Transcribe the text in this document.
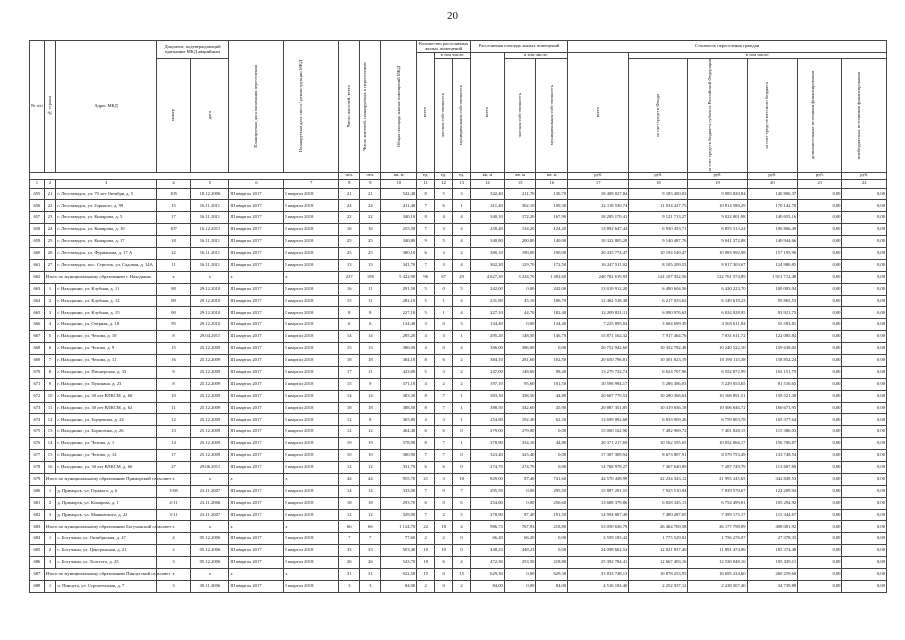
20
№ п/п	№ строки	Адрес МКД	Документ, подтверждающий признание МКД аварийным		Планируемая дата окончания переселения	Планируемая дата сноса / реконструкции МКД	Число жителей, всего	Число жителей, планируемых к переселению	Общая площадь жилых помещений МКД	Количество расселяемых жилых помещений			Расселяемая площадь жилых помещений			Стоимость переселения граждан					

										всего	в том числе:		всего	в том числе:		всего	в том числе:				

			номер	дата							частная собственность	муниципальная собственность		частная собственность	муниципальная собственность		за счет средств Фонда	за счет средств бюджета субъекта Российской Федерации	за счет средств местного бюджета	дополнительные источники финансирования	внебюджетных источников финансирования

							чел.	чел.	кв. м	ед.	ед.	ед.	кв. м	кв. м	кв. м	руб.	руб.	руб.	руб.	руб.	руб.
1	2	3	4	5	6	7	8	9	10	11	12	13	14	15	16	17	18	19	20	21	22
655	21	г. Лесозаводск, ул. 70 лет Октября, д. 5	105	18.12.2006	III квартал 2017	I квартал 2018	21	21	542,40	8	5	3	342,40	211,70	130,70	18 408 027,84	9 183 400,03	9 083 820,84	140 806,37	0,00	0,00
656	22	г. Лесозаводск, ул. Горького, д. 99	15	16.11.2011	III квартал 2017	I квартал 2018	24	24	411,40	7	6	1	411,40	302,10	109,30	22 118 530,74	11 034 427,75	10 914 580,29	170 142,70	0,00	0,00
657	23	г. Лесозаводск, ул. Комарова, д. 5	17	16.11.2011	III квартал 2017	I квартал 2018	22	22	340,10	8	4	4	340,10	172,20	167,90	18 285 170,41	9 121 713,27	9 022 801,98	140 655,16	0,00	0,00
658	24	г. Лесозаводск, ул. Комарова, д. 10	107	16.12.2011	III квартал 2017	I квартал 2018	16	16	255,50	7	3	4	258,40	134,20	124,20	13 892 647,44	6 930 453,71	6 855 313,24	106 866,49	0,00	0,00
659	25	г. Лесозаводск, ул. Комарова, д. 17	18	16.11.2011	III квартал 2017	I квартал 2018	25	25	340,80	9	5	4	340,80	200,80	140,00	18 322 805,28	9 140 487,76	9 041 372,88	140 944,66	0,00	0,00
660	26	г. Лесозаводск, ул. Фурманова, д. 17 А	22	16.11.2011	III квартал 2017	I квартал 2018	25	25	380,10	6	4	2	380,10	190,00	190,00	20 435 774,47	10 194 549,47	10 083 992,98	157 195,96	0,00	0,00
661	27	г. Лесозаводск, пос. Стрелок, ул. Садовая, д. 14А	11	16.11.2011	III квартал 2017	I квартал 2018	13	13	341,70	7	3	4	302,20	129,70	172,50	16 247 511,02	8 105 209,53	8 017 303,67	124 980,85	0,00	0,00
662	Итого по муниципальному образованию г. Находкино		x	x	x	x	237	198	5 422,90	96	67	29	4 627,30	3 234,70	1 392,60	248 782 619,93	124 107 352,56	122 761 574,89	1 913 712,48	0,00	0,00
663	1	г. Находкино, ул. Клубная, д. 11	88	29.12.2010	III квартал 2017	I квартал 2018	16	11	291,50	5	0	5	242,00	0,00	242,00	13 010 912,20	6 490 604,56	6 420 223,70	100 083,94	0,00	0,00
664	2	г. Находкино, ул. Клубная, д. 12	89	29.12.2010	III квартал 2017	I квартал 2018	15	11	282,10	5	1	4	231,80	45,10	186,70	12 462 518,38	6 217 033,62	6 149 619,23	95 865,53	0,00	0,00
665	3	г. Находкино, ул. Клубная, д. 15	90	29.12.2010	III квартал 2017	I квартал 2018	8	8	227,10	5	1	4	227,10	44,70	182,40	12 209 821,11	6 090 976,63	6 024 928,95	93 921,75	0,00	0,00
666	4	г. Находкино, ул. Озерная, д. 18	95	29.12.2010	III квартал 2017	I квартал 2018	6	6	134,40	3	0	3	134,40	0,00	134,40	7 225 895,04	3 604 699,39	3 565 611,84	55 583,81	0,00	0,00
667	5	г. Находкино, ул. Чехова, д. 10	8	29.04.2011	III квартал 2017	I квартал 2018	14	14	295,20	4	3	1	295,20	148,50	146,70	15 871 162,32	7 917 464,76	7 831 611,72	122 085,84	0,00	0,00
668	6	г. Находкино, ул. Чехова, д. 9	15	25.12.2009	III квартал 2017	I квартал 2018	15	13	386,00	4	0	4	386,00	386,00	0,00	20 752 942,60	10 352 782,48	10 240 522,10	159 638,02	0,00	0,00
669	7	г. Находкино, ул. Чехова, д. 11	16	25.12.2009	III квартал 2017	I квартал 2018	18	18	384,10	8	6	2	384,10	281,60	102,50	20 650 796,81	10 301 823,19	10 190 115,38	158 852,24	0,00	0,00
670	8	г. Находкино, ул. Пионерская, д. 33	8	25.12.2009	III квартал 2017	I квартал 2018	17	11	423,00	5	3	2	247,00	148,60	98,40	13 279 732,74	6 624 707,96	6 552 872,99	102 151,79	0,00	0,00
671	9	г. Находкино, ул. Пушкина, д. 23	8	25.12.2009	III квартал 2017	I квартал 2018	15	9	371,10	4	2	2	197,10	95,60	101,50	10 596 994,17	5 286 386,03	5 229 053,65	81 516,65	0,00	0,00
672	10	г. Находкино, ул. 30 лет ВЛКСМ, д. 60	10	25.12.2009	III квартал 2017	I квартал 2018	14	14	383,30	8	7	1	383,30	338,50	44,80	20 607 779,53	10 280 366,64	10 168 891,51	158 521,38	0,00	0,00
673	11	г. Находкино, ул. 30 лет ВЛКСМ, д. 62	11	25.12.2009	III квартал 2017	I квартал 2018	18	18	388,50	8	7	1	388,50	342,60	45,90	20 887 351,85	10 419 836,18	10 306 846,72	160 671,95	0,00	0,00
674	12	г. Находкино, ул. Борцевича, д. 24	12	25.12.2009	III квартал 2017	I квартал 2018	12	8	365,80	4	3	1	254,80	192,30	62,50	13 699 092,68	6 833 909,26	6 759 803,78	105 377,64	0,00	0,00
675	13	г. Находкино, ул. Борисенко, д. 26	13	25.12.2009	III квартал 2017	I квартал 2018	12	12	404,40	6	6	0	279,00	279,00	0,00	15 000 162,90	7 482 969,72	7 401 828,15	115 386,03	0,00	0,00
676	14	г. Находкино, ул. Чехова, д. 1	14	25.12.2009	III квартал 2017	I квартал 2018	19	19	578,90	8	7	1	378,90	334,10	44,80	20 371 217,69	10 162 355,65	10 052 066,17	156 700,87	0,00	0,00
677	15	г. Находкино, ул. Чехова, д. 12	17	25.12.2009	III квартал 2017	I квартал 2018	10	10	380,90	7	7	0	323,40	323,40	0,00	17 387 309,94	8 673 807,91	8 579 753,49	133 748,54	0,00	0,00
678	16	г. Находкино, ул. 30 лет ВЛКСМ, д. 66	27	29.06.2011	III квартал 2017	I квартал 2018	12	12	331,70	6	6	0	274,70	274,70	0,00	14 768 978,27	7 367 640,89	7 287 749,79	113 607,69	0,00	0,00
679	Итого по муниципальному образованию Приморский сельсовет		x	x	x	x	44	44	955,70	21	3	18	829,00	87,40	741,60	44 570 438,99	22 234 343,12	21 993 245,65	342 849,53	0,00	0,00
680	1	д. Приморск, ул. Горького, д. 6	3-08	23.11.2007	III квартал 2017	I квартал 2018	14	14	333,00	7	0	7	295,50	0,00	295,50	15 887 291,55	7 925 510,94	7 839 570,67	122 209,94	0,00	0,00
681	2	д. Приморск, ул. Комарова, д. 1	4-11	23.11.2006	III квартал 2017	I квартал 2018	18	18	293,70	6	0	6	254,60	0,00	256,60	13 688 379,86	6 828 345,13	6 754 499,81	105 294,92	0,00	0,00
682	3	д. Приморск, ул. Маяковского, д. 22	3-11	23.11.2007	III квартал 2017	I квартал 2018	12	12	329,00	7	2	5	278,90	87,40	191,50	14 994 807,49	7 480 287,05	7 399 175,17	115 344,67	0,00	0,00
683	Итого по муниципальному образованию Богучанский сельсовет		x	x	x	x	66	66	1 124,70	22	18	4	986,73	767,93	218,80	53 050 636,79	26 464 769,58	26 177 798,89	408 081,92	0,00	0,00
684	1	с. Богучаны, ул. Октябрьская, д. 47	4	05.12.2006	III квартал 2017	I квартал 2018	7	7	77,60	2	2	0	66,20	66,20	0,00	3 559 183,42	1 775 529,02	1 756 276,07	27 378,33	0,00	0,00
685	2	с. Богучаны, ул. Центральная, д. 21	2	05.12.2006	III квартал 2017	I квартал 2018	33	33	503,40	10	10	0	448,23	448,23	0,00	24 098 662,54	12 021 837,40	11 891 474,86	185 374,48	0,00	0,00
686	3	с. Богучаны, ул. Толстого, д. 25	3	05.12.2006	III квартал 2017	I квартал 2018	26	26	543,70	10	6	4	472,30	253,50	218,80	25 392 784,41	12 667 403,16	12 530 048,16	195 329,11	0,00	0,00
687	Итого по муниципальному образованию Пинчугский сельсовет		x	x	x	x	31	31	922,50	15	0	15	629,30	0,00	629,30	33 833 748,13	16 878 253,95	16 695 234,60	260 259,60	0,00	0,00
688	1	п. Пинчуга, ул. Строительная, д. 7	3	30.11.2006	III квартал 2017	I квартал 2018	3	3	84,00	2	0	2	84,00	0,00	84,00	4 516 184,40	2 252 937,12	2 228 507,40	34 739,88	0,00	0,00
